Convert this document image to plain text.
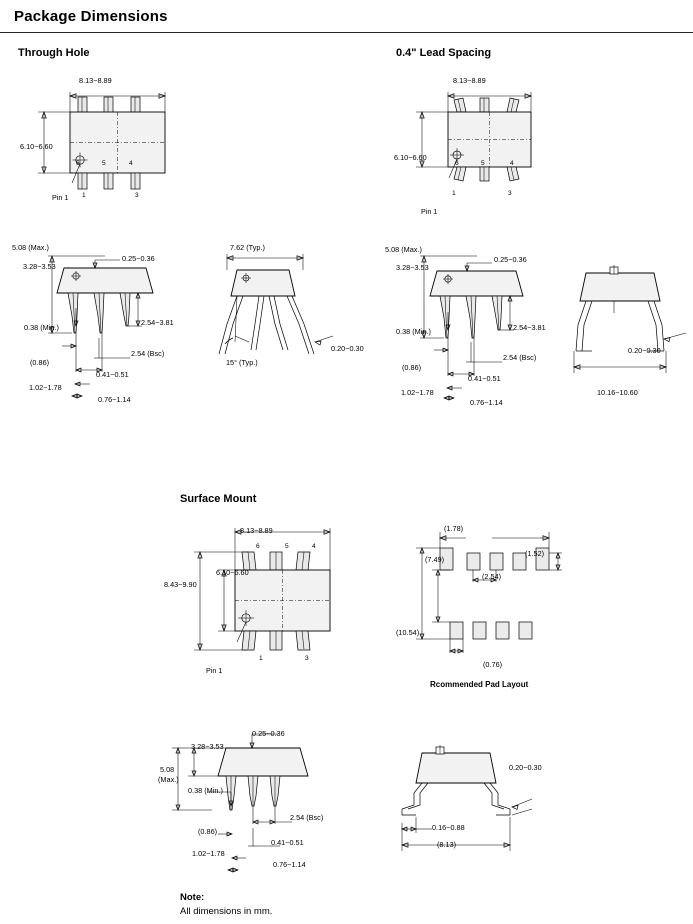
Package Dimensions
Through Hole	0.4" Lead Spacing
Surface Mount
Rcommended Pad Layout
8.13~8.89
6.10~6.60
6	4
5
1	3
Pin 1
5.08 (Max.)
3.28~3.53
0.25~0.36
0.38 (Min.)
2.54~3.81
(0.86)
2.54 (Bsc)
0.41~0.51
1.02~1.78
0.76~1.14
7.62 (Typ.)
15° (Typ.)
0.20~0.30
8.13~8.89
6.10~6.60
6	5	4
1	3
Pin 1
5.08 (Max.)
3.28~3.53
0.25~0.36
0.38 (Min.)	2.54~3.81
(0.86)
2.54 (Bsc)
0.41~0.51
1.02~1.78
0.76~1.14
0.20~0.30
10.16~10.60
8.13~8.89
6.10~6.60
8.43~9.90
6	5	4
1	3
Pin 1
(1.78)
(1.52)
(2.54)
(7.49)
(10.54)
(0.76)
3.28~3.53
0.25~0.36
5.08
(Max.)
0.38 (Min.)
2.54 (Bsc)
(0.86)
0.41~0.51
1.02~1.78
0.76~1.14
0.20~0.30
0.16~0.88
(8.13)
Note:
All dimensions in mm.
